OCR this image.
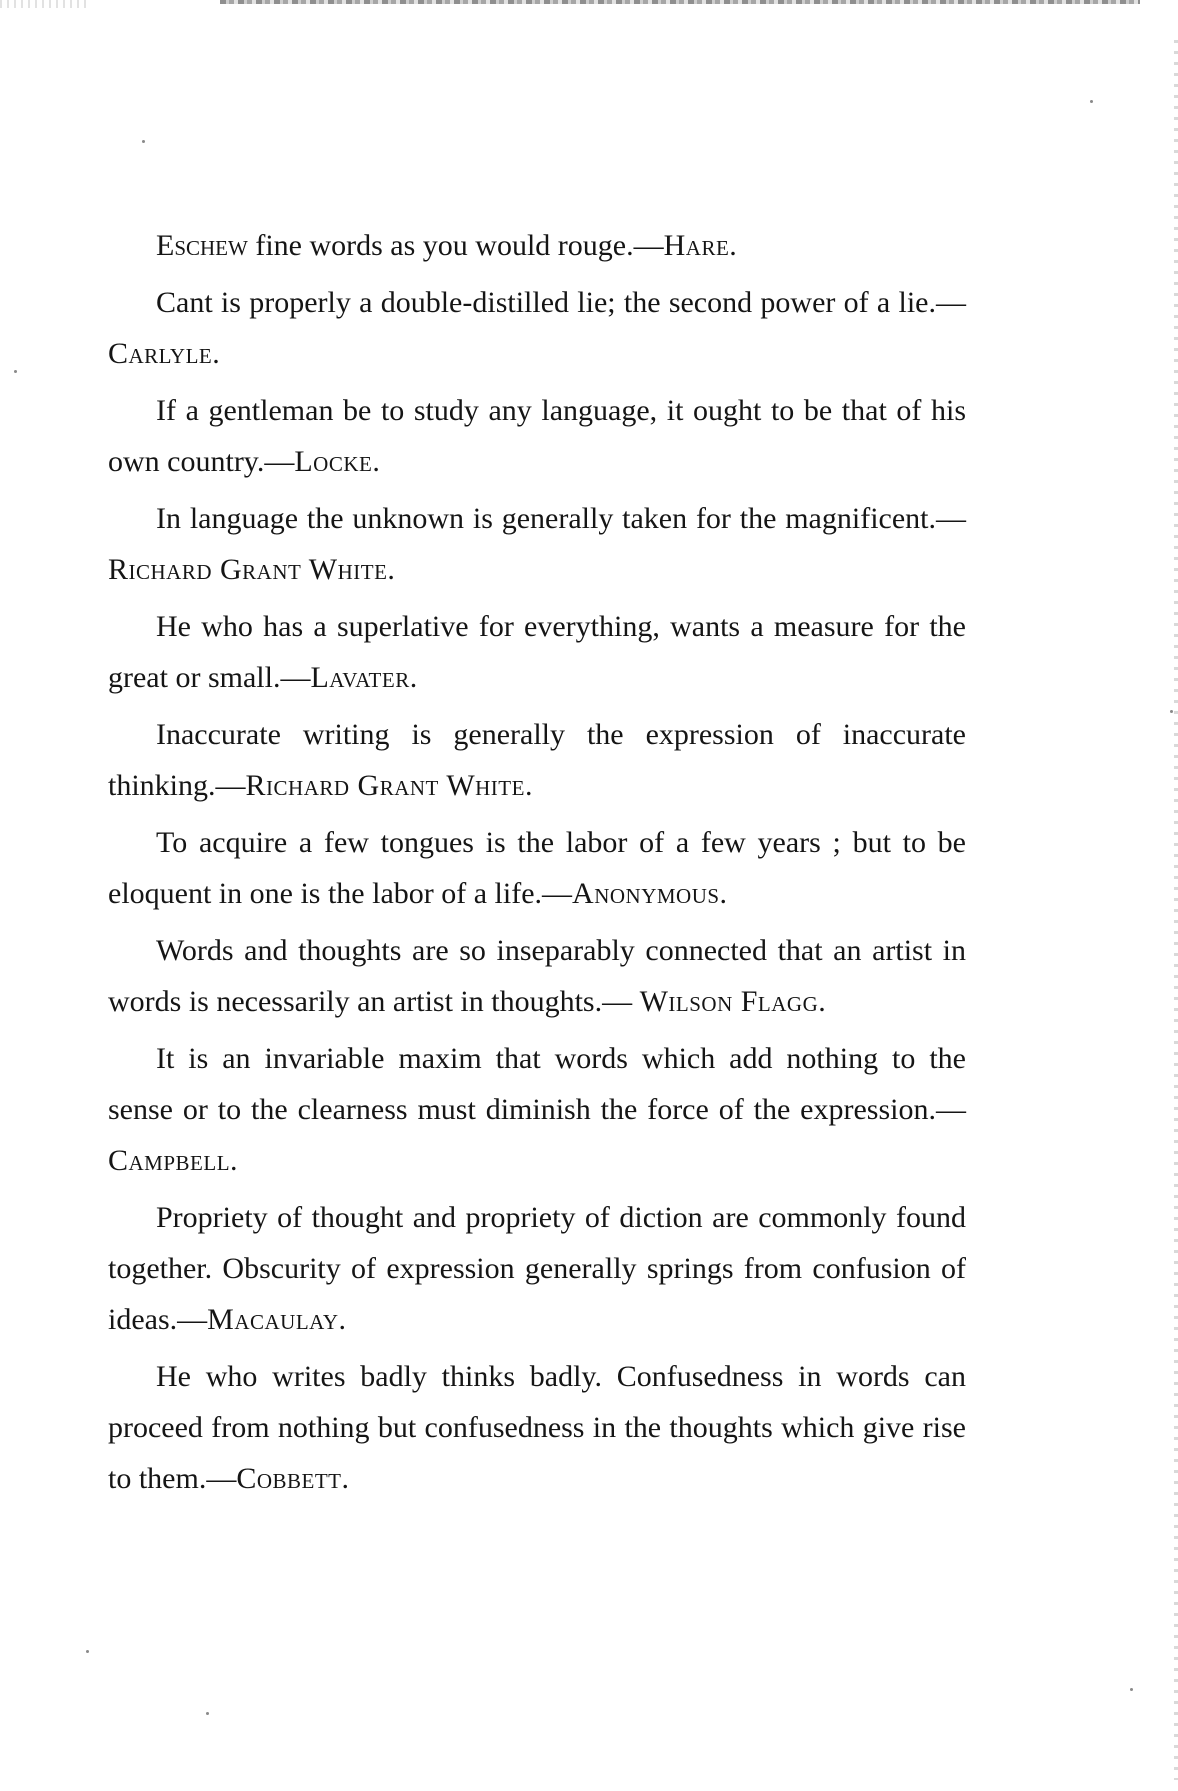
Eschew fine words as you would rouge.—Hare.

Cant is properly a double-distilled lie; the second power of a lie.—Carlyle.

If a gentleman be to study any language, it ought to be that of his own country.—Locke.

In language the unknown is generally taken for the magnificent.—Richard Grant White.

He who has a superlative for everything, wants a measure for the great or small.—Lavater.

Inaccurate writing is generally the expression of inaccurate thinking.—Richard Grant White.

To acquire a few tongues is the labor of a few years ; but to be eloquent in one is the labor of a life.—Anonymous.

Words and thoughts are so inseparably connected that an artist in words is necessarily an artist in thoughts.— Wilson Flagg.

It is an invariable maxim that words which add nothing to the sense or to the clearness must diminish the force of the expression.—Campbell.

Propriety of thought and propriety of diction are commonly found together. Obscurity of expression generally springs from confusion of ideas.—Macaulay.

He who writes badly thinks badly. Confusedness in words can proceed from nothing but confusedness in the thoughts which give rise to them.—Cobbett.
